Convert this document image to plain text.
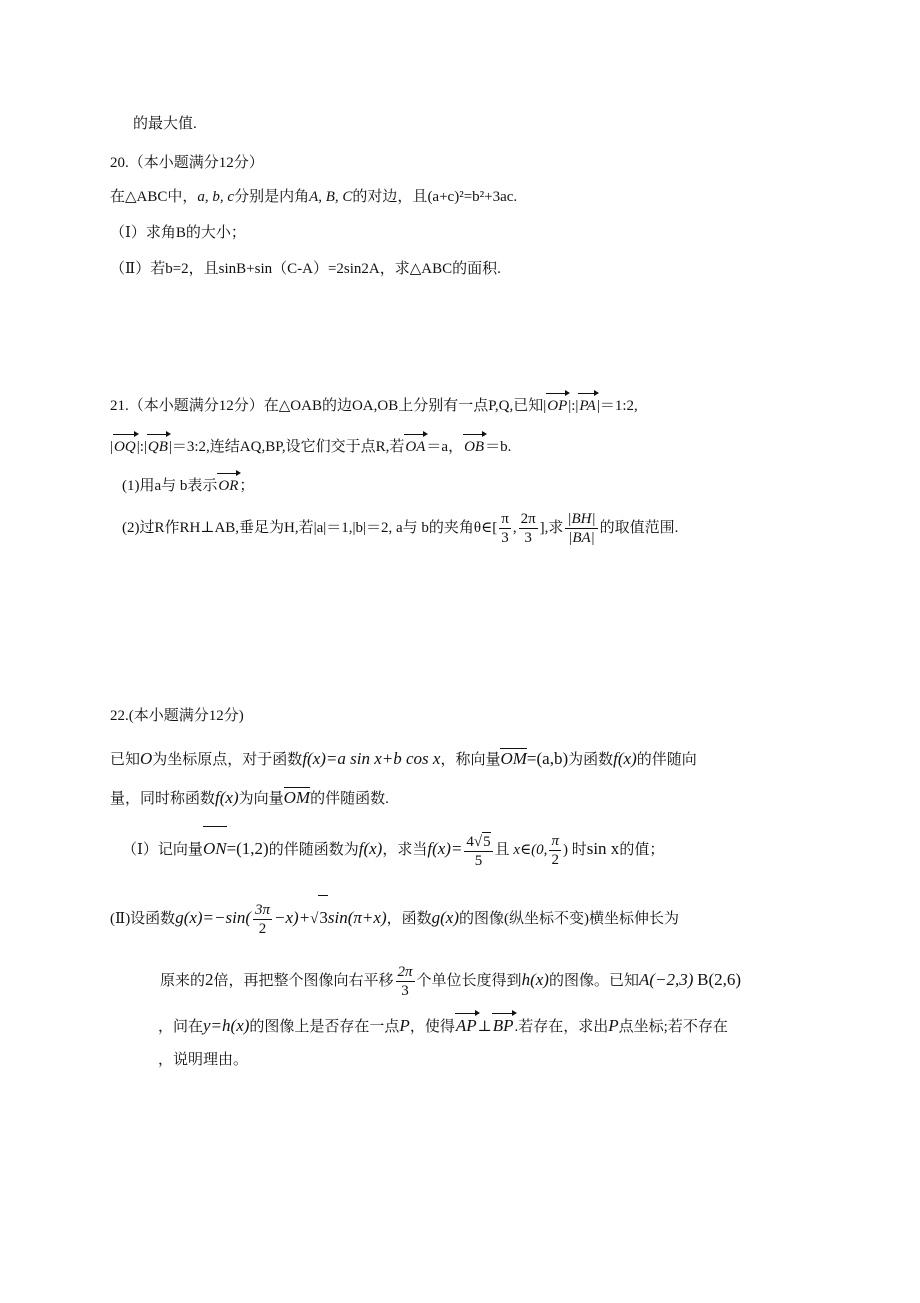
的最大值.
20.（本小题满分12分）
在△ABC中，a, b, c分别是内角A, B, C的对边，且(a+c)²=b²+3ac.
（Ⅰ）求角B的大小；
（Ⅱ）若b=2，且sinB+sin（C-A）=2sin2A，求△ABC的面积.
21.（本小题满分12分）在△OAB的边OA,OB上分别有一点P,Q,已知|OP|:|PA|＝1:2,
|OQ|:|QB|＝3:2,连结AQ,BP,设它们交于点R,若OA＝a，OB＝b.
(1)用a与 b表示OR；
(2)过R作RH⊥AB,垂足为H,若|a|＝1,|b|＝2, a与 b的夹角θ∈[ $\frac{\pi}{3}$ , $\frac{2\pi}{3}$ ],求 $\frac{|BH|}{|BA|}$ 的取值范围.
22.(本小题满分12分)
已知O为坐标原点，对于函数f(x)=a sin x+b cos x，称向量OM=(a,b)为函数f(x)的伴随向
量，同时称函数f(x)为向量OM的伴随函数.
（Ⅰ）记向量ON=(1,2)的伴随函数为f(x)，求当$f(x)= \frac{4√5}{5}$ 且 x∈(0, $\frac{\pi}{2}$ ) 时sin x的值；
(Ⅱ)设函数$g(x)=-\sin( \frac{3\pi}{2} -x)+√3\sin(\pi+x)$，函数g(x)的图像(纵坐标不变)横坐标伸长为
原来的2倍，再把整个图像向右平移 $\frac{2\pi}{3}$ 个单位长度得到h(x)的图像。已知A(−2,3) B(2,6)
，问在y=h(x)的图像上是否存在一点P，使得AP⊥BP.若存在，求出P点坐标;若不存在
，说明理由。
